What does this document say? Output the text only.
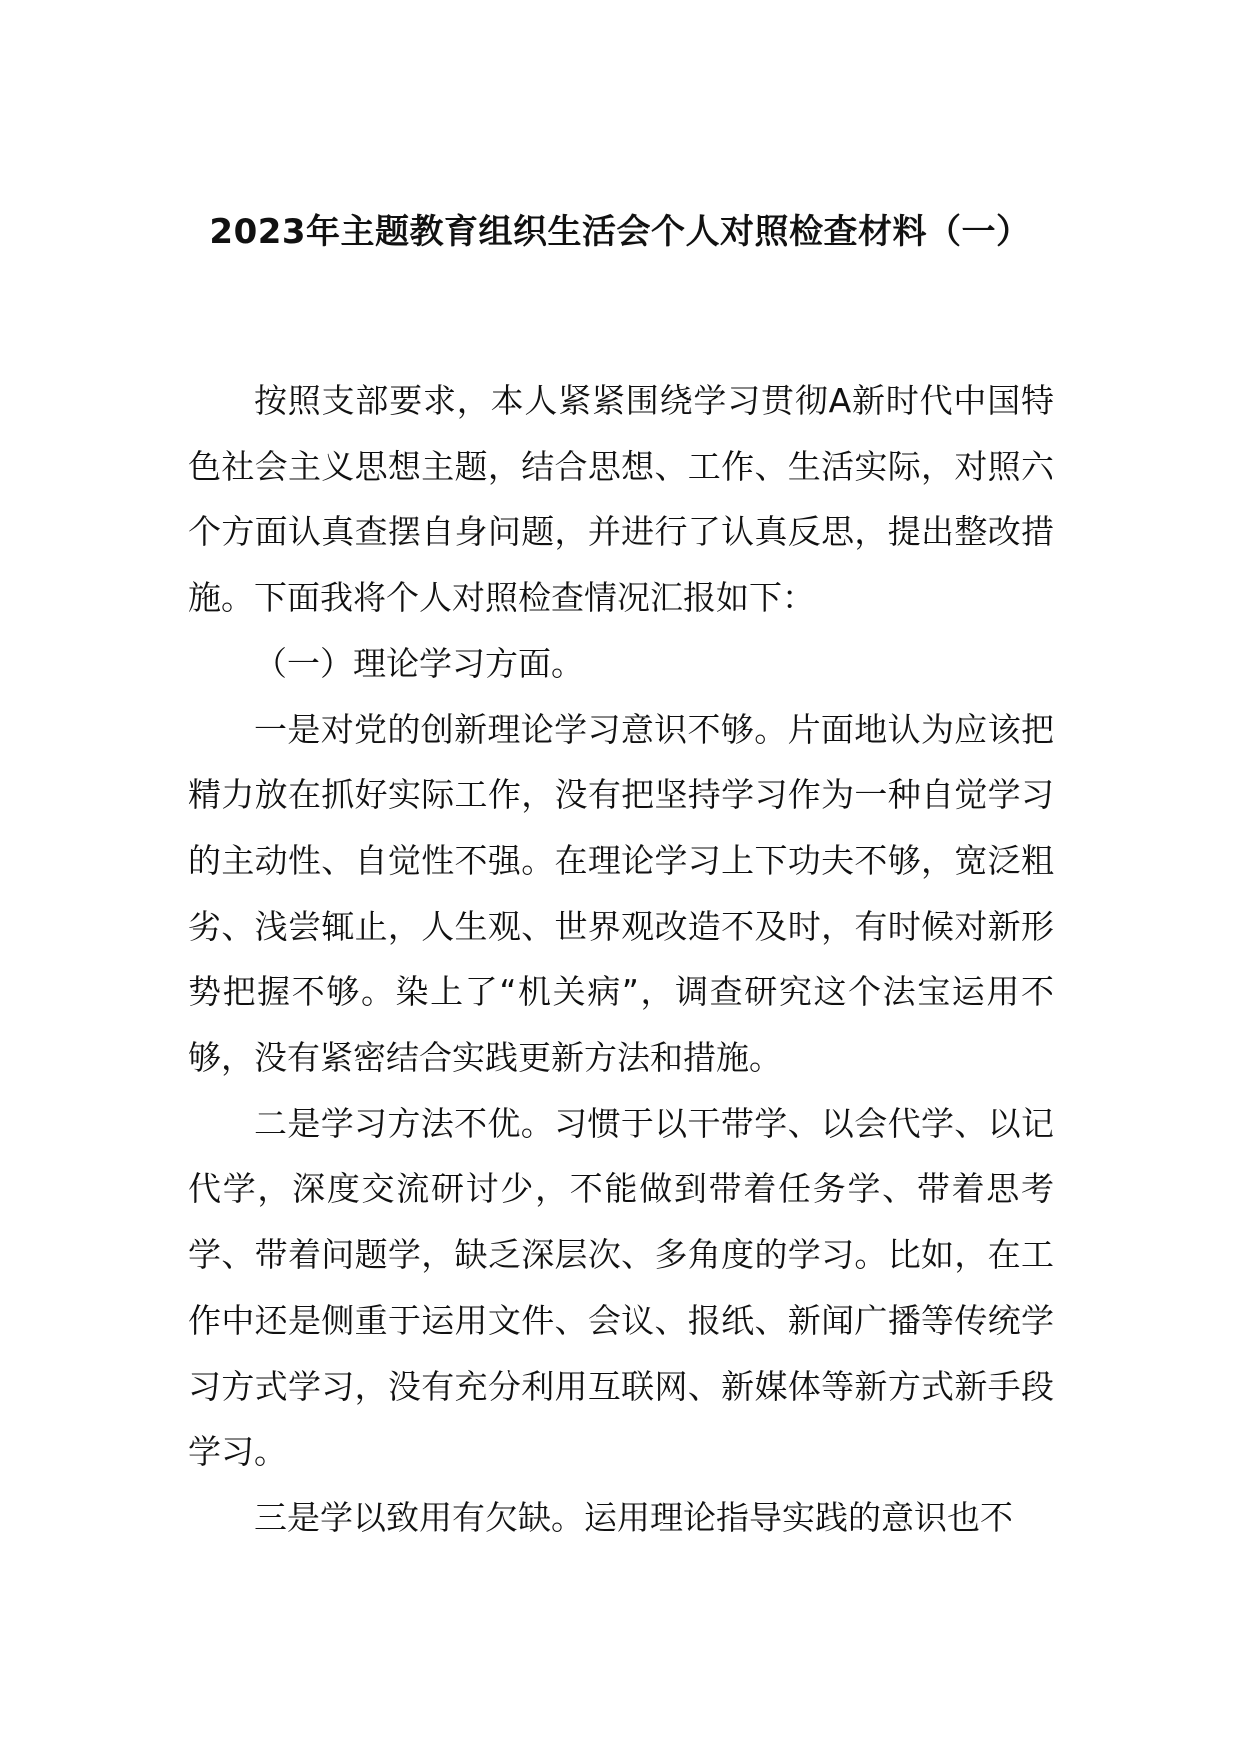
2023年主题教育组织生活会个人对照检查材料（一）

按照支部要求，本人紧紧围绕学习贯彻A新时代中国特色社会主义思想主题，结合思想、工作、生活实际，对照六个方面认真查摆自身问题，并进行了认真反思，提出整改措施。下面我将个人对照检查情况汇报如下：

（一）理论学习方面。

一是对党的创新理论学习意识不够。片面地认为应该把精力放在抓好实际工作，没有把坚持学习作为一种自觉学习的主动性、自觉性不强。在理论学习上下功夫不够，宽泛粗劣、浅尝辄止，人生观、世界观改造不及时，有时候对新形势把握不够。染上了“机关病”，调查研究这个法宝运用不够，没有紧密结合实践更新方法和措施。

二是学习方法不优。习惯于以干带学、以会代学、以记代学，深度交流研讨少，不能做到带着任务学、带着思考学、带着问题学，缺乏深层次、多角度的学习。比如，在工作中还是侧重于运用文件、会议、报纸、新闻广播等传统学习方式学习，没有充分利用互联网、新媒体等新方式新手段学习。

三是学以致用有欠缺。运用理论指导实践的意识也不
